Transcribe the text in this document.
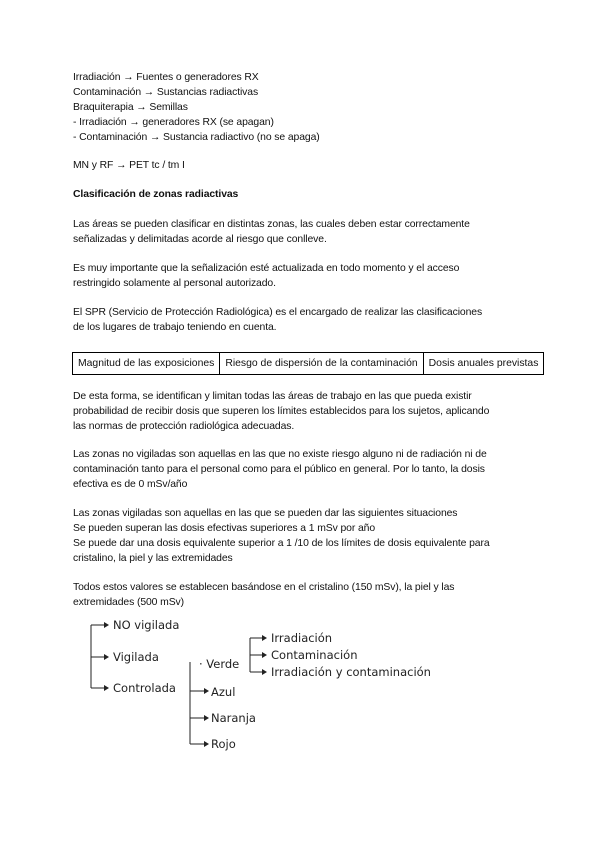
Irradiación → Fuentes o generadores RX
Contaminación → Sustancias radiactivas
Braquiterapia → Semillas
- Irradiación → generadores RX (se apagan)
- Contaminación → Sustancia radiactivo (no se apaga)
MN y RF → PET tc / tm I
Clasificación de zonas radiactivas
Las áreas se pueden clasificar en distintas zonas, las cuales deben estar correctamente
señalizadas y delimitadas acorde al riesgo que conlleve.
Es muy importante que la señalización esté actualizada en todo momento y el acceso
restringido solamente al personal autorizado.
El SPR (Servicio de Protección Radiológica) es el encargado de realizar las clasificaciones
de los lugares de trabajo teniendo en cuenta.
Magnitud de las exposiciones	Riesgo de dispersión de la contaminación	Dosis anuales previstas
De esta forma, se identifican y limitan todas las áreas de trabajo en las que pueda existir
probabilidad de recibir dosis que superen los límites establecidos para los sujetos, aplicando
las normas de protección radiológica adecuadas.
Las zonas no vigiladas son aquellas en las que no existe riesgo alguno ni de radiación ni de
contaminación tanto para el personal como para el público en general. Por lo tanto, la dosis
efectiva es de 0 mSv/año
Las zonas vigiladas son aquellas en las que se pueden dar las siguientes situaciones
Se pueden superan las dosis efectivas superiores a 1 mSv por año
Se puede dar una dosis equivalente superior a 1 /10 de los límites de dosis equivalente para
cristalino, la piel y las extremidades
Todos estos valores se establecen basándose en el cristalino (150 mSv), la piel y las
extremidades (500 mSv)
NO vigilada
Vigilada
Controlada
· Verde
Azul
Naranja
Rojo
Irradiación
Contaminación
Irradiación y contaminación
